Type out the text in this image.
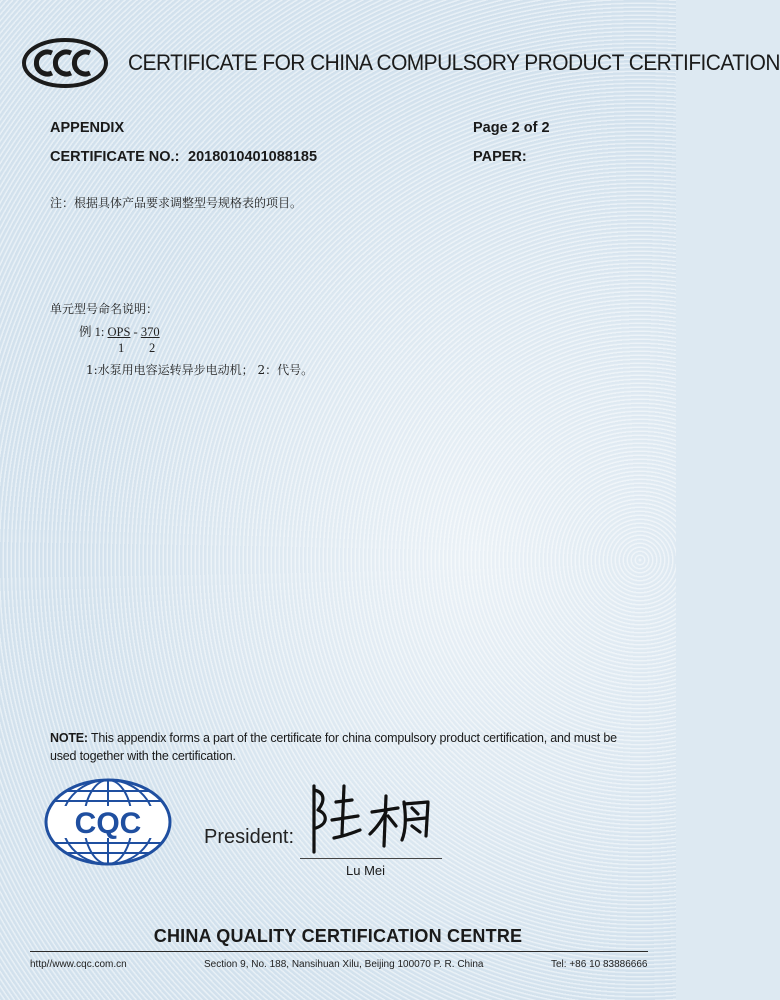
CCC
CERTIFICATE FOR CHINA COMPULSORY PRODUCT CERTIFICATION
APPENDIX	Page 2 of 2
CERTIFICATE NO.: 2018010401088185	PAPER:
注：根据具体产品要求调整型号规格表的项目。
单元型号命名说明：
例 1: OPS - 370
1 2
1:水泵用电容运转异步电动机； 2：代号。
NOTE: This appendix forms a part of the certificate for china compulsory product certification, and must be used together with the certification.
CQC	President:
陆梅
Lu Mei
CHINA QUALITY CERTIFICATION CENTRE
http//www.cqc.com.cn	Section 9, No. 188, Nansihuan Xilu, Beijing 100070 P. R. China	Tel: +86 10 83886666
